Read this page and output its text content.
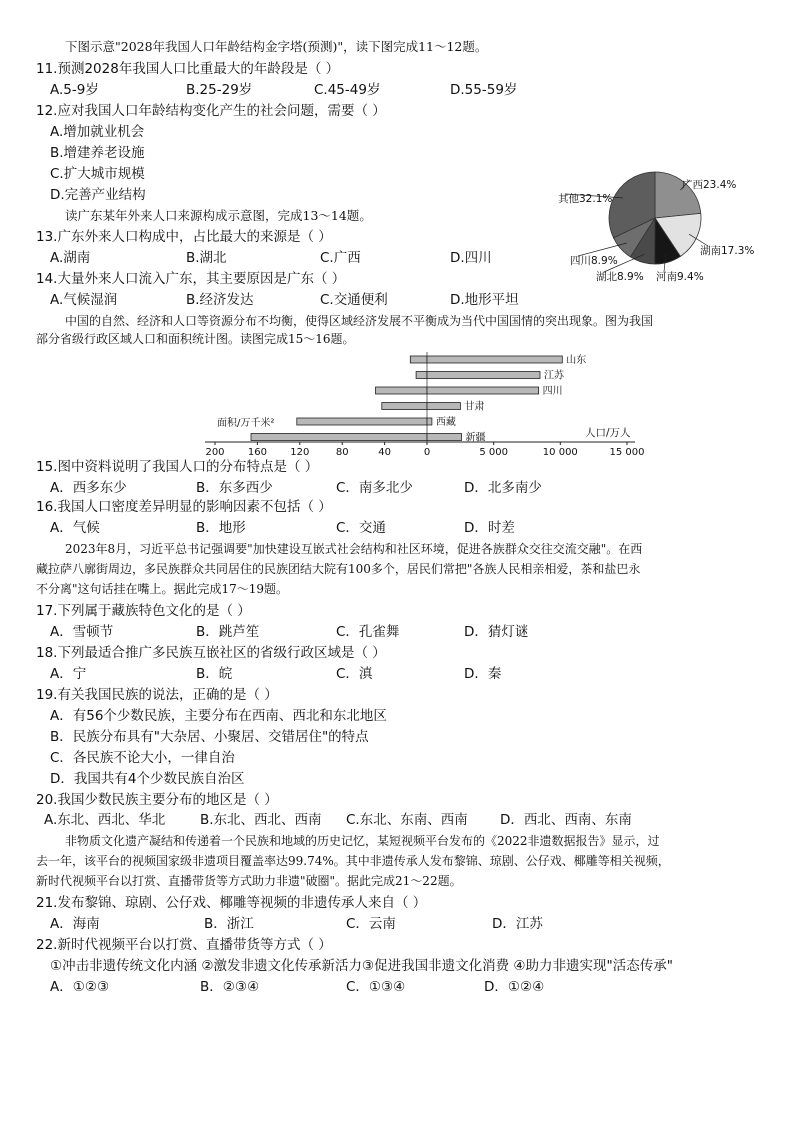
下图示意"2028年我国人口年龄结构金字塔(预测)"，读下图完成11～12题。
11.预测2028年我国人口比重最大的年龄段是（ ）
A.5-9岁	B.25-29岁	C.45-49岁	D.55-59岁
12.应对我国人口年龄结构变化产生的社会问题，需要（ ）
A.增加就业机会
B.增建养老设施
C.扩大城市规模
D.完善产业结构
读广东某年外来人口来源构成示意图，完成13～14题。
13.广东外来人口构成中，占比最大的来源是（ ）
A.湖南	B.湖北	C.广西	D.四川
14.大量外来人口流入广东，其主要原因是广东（ ）
A.气候湿润	B.经济发达	C.交通便利	D.地形平坦
广西23.4%
湖南17.3%
河南9.4%
湖北8.9%
四川8.9%
其他32.1%
中国的自然、经济和人口等资源分布不均衡，使得区域经济发展不平衡成为当代中国国情的突出现象。图为我国
部分省级行政区域人口和面积统计图。读图完成15～16题。
山东
江苏
四川
甘肃
西藏
新疆
200 160 120	80	40	0	5 000	10 000	15 000
面积/万千米²
人口/万人
15.图中资料说明了我国人口的分布特点是（ ）
A．西多东少	B．东多西少	C．南多北少	D．北多南少
16.我国人口密度差异明显的影响因素不包括（ ）
A．气候	B．地形	C．交通	D．时差
2023年8月，习近平总书记强调要"加快建设互嵌式社会结构和社区环境，促进各族群众交往交流交融"。在西
藏拉萨八廓街周边，多民族群众共同居住的民族团结大院有100多个，居民们常把"各族人民相亲相爱，茶和盐巴永
不分离"这句话挂在嘴上。据此完成17～19题。
17.下列属于藏族特色文化的是（ ）
A．雪顿节	B．跳芦笙	C．孔雀舞	D．猜灯谜
18.下列最适合推广多民族互嵌社区的省级行政区域是（ ）
A．宁	B．皖	C．滇	D．秦
19.有关我国民族的说法，正确的是（ ）
A．有56个少数民族，主要分布在西南、西北和东北地区
B．民族分布具有"大杂居、小聚居、交错居住"的特点
C．各民族不论大小，一律自治
D．我国共有4个少数民族自治区
20.我国少数民族主要分布的地区是（ ）
A.东北、西北、华北	B.东北、西北、西南 C.东北、东南、西南 D．西北、西南、东南
非物质文化遗产凝结和传递着一个民族和地域的历史记忆，某短视频平台发布的《2022非遗数据报告》显示，过
去一年，该平台的视频国家级非遗项目覆盖率达99.74%。其中非遗传承人发布黎锦、琼剧、公仔戏、椰雕等相关视频，
新时代视频平台以打赏、直播带货等方式助力非遗"破圈"。据此完成21～22题。
21.发布黎锦、琼剧、公仔戏、椰雕等视频的非遗传承人来自（ ）
A．海南	B．浙江	C．云南	D．江苏
22.新时代视频平台以打赏、直播带货等方式（ ）
①冲击非遗传统文化内涵 ②激发非遗文化传承新活力③促进我国非遗文化消费 ④助力非遗实现"活态传承"
A．①②③	B．②③④	C．①③④	D．①②④
